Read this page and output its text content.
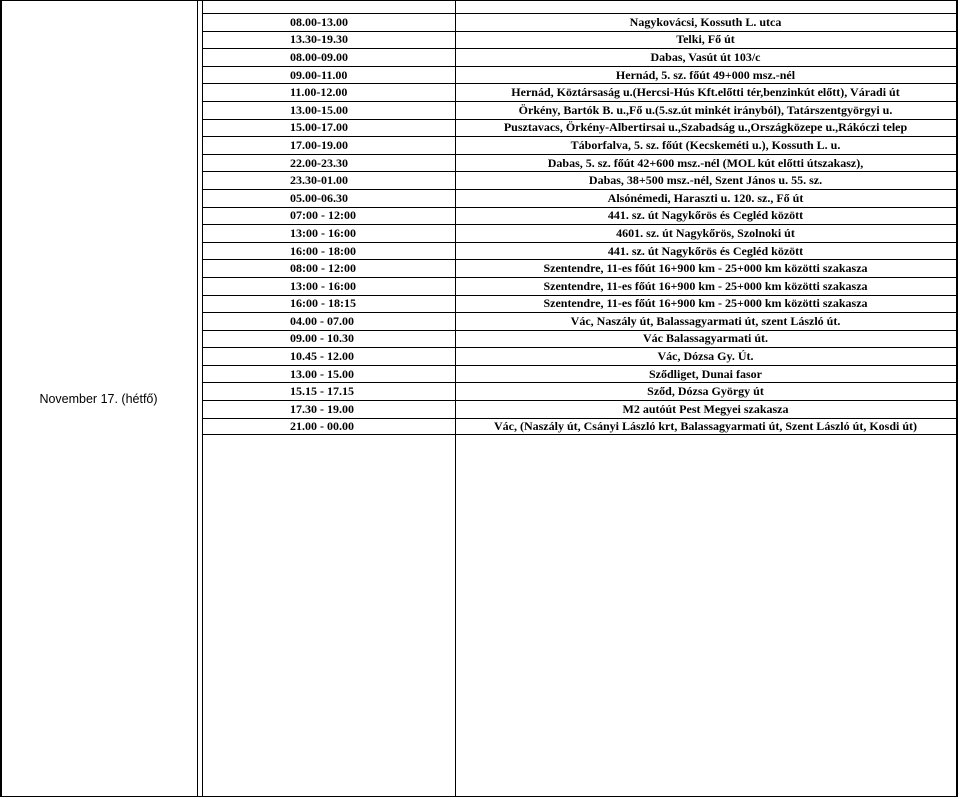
November 17. (hétfő)
08.00-13.00	Nagykovácsi, Kossuth L. utca
13.30-19.30	Telki, Fő út
08.00-09.00	Dabas, Vasút út 103/c
09.00-11.00	Hernád, 5. sz. főút 49+000 msz.-nél
11.00-12.00	Hernád, Köztársaság u.(Hercsi-Hús Kft.előtti tér,benzinkút előtt), Váradi út
13.00-15.00	Örkény, Bartók B. u.,Fő u.(5.sz.út minkét irányból), Tatárszentgyörgyi u.
15.00-17.00	Pusztavacs, Örkény-Albertirsai u.,Szabadság u.,Országközepe u.,Rákóczi telep
17.00-19.00	Táborfalva, 5. sz. főút (Kecskeméti u.), Kossuth L. u.
22.00-23.30	Dabas, 5. sz. főút 42+600 msz.-nél (MOL kút előtti útszakasz),
23.30-01.00	Dabas, 38+500 msz.-nél, Szent János u. 55. sz.
05.00-06.30	Alsónémedi, Haraszti u. 120. sz., Fő út
07:00 - 12:00	441. sz. út Nagykőrös és Cegléd között
13:00 - 16:00	4601. sz. út Nagykőrös, Szolnoki út
16:00 - 18:00	441. sz. út Nagykőrös és Cegléd között
08:00 - 12:00	Szentendre, 11-es főút 16+900 km - 25+000 km közötti szakasza
13:00 - 16:00	Szentendre, 11-es főút 16+900 km - 25+000 km közötti szakasza
16:00 - 18:15	Szentendre, 11-es főút 16+900 km - 25+000 km közötti szakasza
04.00 - 07.00	Vác, Naszály út, Balassagyarmati út, szent László út.
09.00 - 10.30	Vác Balassagyarmati út.
10.45 - 12.00	Vác, Dózsa Gy. Út.
13.00 - 15.00	Sződliget, Dunai fasor
15.15 - 17.15	Sződ, Dózsa György út
17.30 - 19.00	M2 autóút Pest Megyei szakasza
21.00 - 00.00	Vác, (Naszály út, Csányi László krt, Balassagyarmati út, Szent László út, Kosdi út)
